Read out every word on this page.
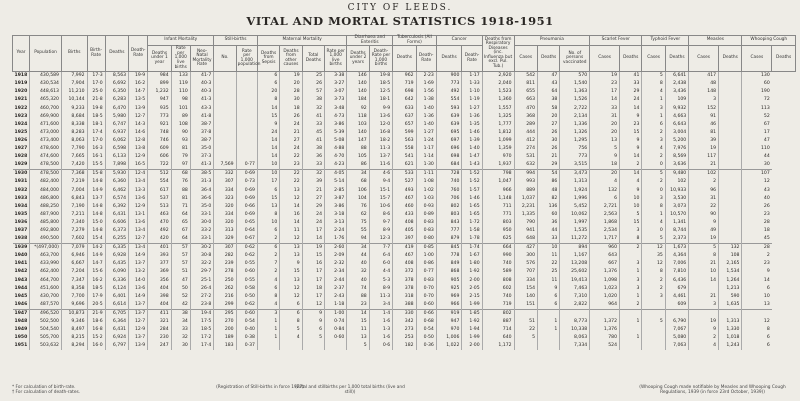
CITY OF LEEDS.
VITAL AND MORTAL STATISTICS 1918-1951
Year	Population	Births	Birth-Rate	Deaths	Death-Rate	Infant Mortality			Still-births		Maternal Mortality				Diarrhoea and Enteritis		Tuberculosis (All Forms)		Cancer		Deaths from Respiratory Diseases (inc. Influenza but excl. Pul. Tub.)	Pneumonia			Scarlet Fever		Typhoid Fever		Measles		Whooping Cough	
						Deaths under 1 year	Rate per 1,000 live births	Neo-Natal Mortality Rate	No.	Rate per 1,000 population	Deaths from Sepsis	Deaths from other causes	Total Deaths	Rate per 1,000 live births	Deaths under 2 years	Death-Rate per 1,000 births	Deaths	Death-Rate	Deaths	Death-Rate		Cases	Deaths	No. of persons vaccinated	Cases	Deaths	Cases	Deaths	Cases	Deaths	Cases	Deaths
1918	430,589	7,992	17·3	8,563	19·9	984	133	41·7			6	19	25	3·38	146	19·8	962	2·23	900	1·17	2,920	542	47	570	19	41	5	6,641	417		130	
1919	430,534	7,904	17·0	6,692	16·2	899	119	40·3			6	20	26	3·27	140	18·5	719	1·69	773	1·33	2,040	811	43	1,540	23	33	8	2,438	48		60	
1920	448,613	11,210	25·0	6,350	14·7	1,232	110	40·3			20	28	57	3·07	140	12·5	698	1·56	492	1·10	1,523	655	64	1,363	17	29	4	3,436	148		190	
1921	465,320	10,144	21·8	6,283	13·5	947	98	41·3			8	30	38	3·73	184	18·1	642	1·38	554	1·19	1,360	663	38	1,526	14	24	1	109	3		72	
1922	460,700	9,233	19·8	6,470	13·9	935	101	43·3			14	18	32	3·48	92	9·9	633	1·40	593	1·27	1,557	470	58	2,722	33	14	3	9,932	152		113	
1923	469,900	8,684	18·5	5,980	12·7	773	89	41·8			15	26	41	4·73	118	13·6	637	1·36	639	1·36	1,325	368	20	2,134	31	9	1	4,663	91		52	
1924	471,600	8,338	18·1	6,747	14·3	921	108	38·7			9	24	33	3·86	103	12·0	657	1·40	639	1·35	1,777	289	27	1,336	20	23	6	6,643	46		67	
1925	473,000	8,283	17·4	6,937	14·6	748	90	37·8			24	21	45	5·39	140	16·8	599	1·27	695	1·46	1,812	444	26	1,326	20	15	2	3,004	81		17	
1926	473,400	8,063	17·0	6,062	12·8	746	93	38·7			14	27	41	5·08	147	18·2	563	1·24	697	1·39	1,099	412	30	1,295	13	9	3	5,200	39		47	
1927	478,600	7,790	16·3	6,598	13·8	609	81	35·0			14	24	38	4·88	88	11·3	558	1·17	696	1·40	1,359	274	26	756	5	9	4	7,976	19		110	
1928	474,600	7,665	16·1	6,133	12·9	606	79	37·3			14	22	36	4·70	105	13·7	541	1·14	698	1·47	970	531	21	773	9	14	2	8,569	117		44	
1929	478,500	7,420	15·5	7,898	16·5	722	97	41·3	7,569	0·77	10	23	33	4·23	86	11·6	621	1·30	684	1·43	1,937	632	29	3,515	18	2	0	3,636	21		30	
1930	478,500	7,368	15·8	5,930	12·4	512	68	38·5	332	0·69	10	22	32	4·05	34	4·6	533	1·11	728	1·52	798	994	54	3,473	20	14	5	9,480	102		107	
1931	482,400	7,219	14·8	6,360	13·4	554	76	31·3	307	0·73	17	22	39	5·14	68	9·4	527	1·08	740	1·52	1,047	993	86	1,313	4	4	2	102	2		12	
1932	484,000	7,004	14·9	6,462	13·3	617	88	36·4	334	0·69	6	13	21	2·85	106	15·1	493	1·02	760	1·57	966	889	48	1,924	132	9	0	10,933	96		43	
1933	486,800	6,843	13·7	6,574	13·6	537	81	36·6	323	0·69	15	12	27	3·87	104	15·7	467	1·03	706	1·46	1,148	1,037	82	1,996	6	10	3	3,530	31		40	
1934	488,250	7,190	14·8	6,392	12·9	513	71	35·0	320	0·66	13	14	29	3·86	76	10·6	460	0·93	802	1·65	711	2,231	136	5,452	2,721	10	8	3,073	22		26	
1935	487,900	7,211	14·8	6,431	13·1	463	64	33·1	334	0·69	8	16	24	3·18	62	8·6	433	0·89	803	1·65	771	1,335	60	10,062	2,563	5	1	10,570	90		23	
1936	485,800	7,340	15·0	6,606	13·6	470	65	30·0	320	0·65	10	14	24	3·13	75	9·7	408	0·83	843	1·72	803	790	36	1,997	1,868	15	4	1,341	9		28	
1937	492,800	7,279	14·8	6,373	13·4	492	67	33·2	313	0·64	6	11	17	2·24	55	8·9	405	0·83	777	1·58	950	941	44	1,535	2,534	3	0	8,744	49		18	
1938	490,500	7,602	15·4	6,255	12·7	420	64	33·1	329	0·67	2	12	14	1·76	94	12·3	397	0·80	879	1·78	625	648	33	11,272	1,717	8	5	2,373	19		45	
1939	*(497,000)	7,079	14·2	6,335	13·4	401	57	30·2	307	0·62	6	13	19	2·60	34	7·7	419	0·85	845	1·74	664	427	10	894	960	2	12	1,673	5	132	28	
1940	463,700	6,946	14·9	6,928	14·9	393	57	30·8	282	0·62	2	13	15	2·09	44	6·4	467	1·00	778	1·67	990	300	11	1,167	643		35	4,364	8	108	2	
1941	433,990	6,667	14·7	6,435	13·7	377	57	32·2	239	0·55	7	9	16	2·32	40	6·0	408	0·86	849	1·80	740	576	22	13,208	667	3	12	7,006	21	2,165	23	
1942	462,400	7,204	15·6	6,090	13·2	369	51	29·7	278	0·60	2	15	17	2·34	32	4·4	372	0·77	868	1·92	589	707	25	25,602	1,376	1	8	7,810	10	1,534	9	
1943	464,700	7,347	16·2	6,336	14·0	356	47	25·1	250	0·55	4	13	17	2·44	40	5·3	378	0·83	905	2·00	808	334	11	19,413	1,098	3	2	6,436	14	1,264	14	
1944	451,600	8,358	18·5	6,124	13·6	404	50	26·4	262	0·58	6	12	18	2·37	74	8·9	378	0·70	925	2·05	602	154	9	7,463	1,023	3	2	679		1,213	6	
1945	430,700	7,700	17·9	6,401	14·9	398	52	27·2	216	0·50	8	12	17	2·43	88	11·3	318	0·70	969	2·15	740	140	6	7,310	1,020	1	3	4,461	21	590	10	
1946	487,570	9,696	20·5	6,614	13·7	404	42	23·8	299	0·62	4	6	12	1·18	23	3·4	388	0·60	966	1·99	719	151	6	2,822	964	2		609	3	1,635	13	
1947	496,520	10,873	21·9	6,705	13·7	411	38	19·4	295	0·60	3	6	9	1·00	14	1·4	330	0·66	919	1·85	802											
1948	502,500	9,346	18·6	6,364	12·7	321	34	17·5	270	0·54	1	8	9	0·74	15	1·6	342	0·68	947	1·92	887	51	1	8,773	1,372	1	5	6,790	19	1,313	12	
1949	504,540	8,497	16·8	6,431	12·9	284	33	18·5	200	0·40	1	5	6	0·84	11	1·3	273	0·54	970	1·94	714	22	1	10,338	1,376			7,067	9	1,330	8	
1950	505,700	8,215	15·2	6,924	13·7	230	32	17·2	189	0·38	1	4	5	0·60	13	1·6	253	0·50	1,006	1·99	640	5		8,063	780	1		5,080	2	1,018	6	
1951	503,632	8,294	16·0	6,797	13·9	247	30	17·4	183	0·37					5	0·6	182	0·36	1,022	2·00	1,172			7,334	524			7,063	4	1,243	6	
* For calculation of birth-rate.
† For calculation of death-rates.
(Registration of Still-births in force 1927)
(Fatal and stillbirths per 1,000 total births (live and still))
(Whooping Cough made notifiable by Measles and Whooping Cough Regulations, 1939 (in force 23rd October, 1939))
